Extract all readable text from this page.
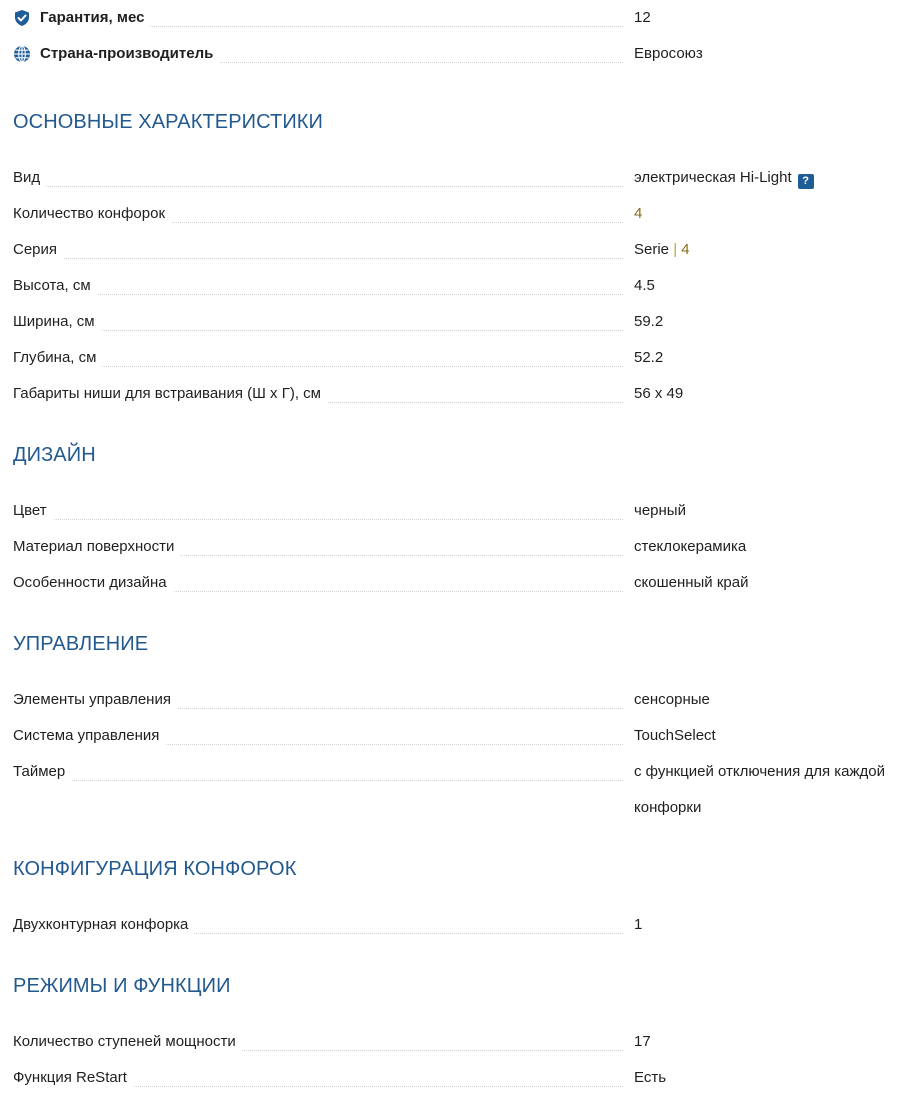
Гарантия, мес	12
Страна-производитель	Евросоюз
ОСНОВНЫЕ ХАРАКТЕРИСТИКИ
Вид	электрическая Hi-Light ?
Количество конфорок	4
Серия	Serie | 4
Высота, см	4.5
Ширина, см	59.2
Глубина, см	52.2
Габариты ниши для встраивания (Ш х Г), см	56 x 49
ДИЗАЙН
Цвет	черный
Материал поверхности	стеклокерамика
Особенности дизайна	скошенный край
УПРАВЛЕНИЕ
Элементы управления	сенсорные
Система управления	TouchSelect
Таймер	с функцией отключения для каждой конфорки
КОНФИГУРАЦИЯ КОНФОРОК
Двухконтурная конфорка	1
РЕЖИМЫ И ФУНКЦИИ
Количество ступеней мощности	17
Функция ReStart	Есть
